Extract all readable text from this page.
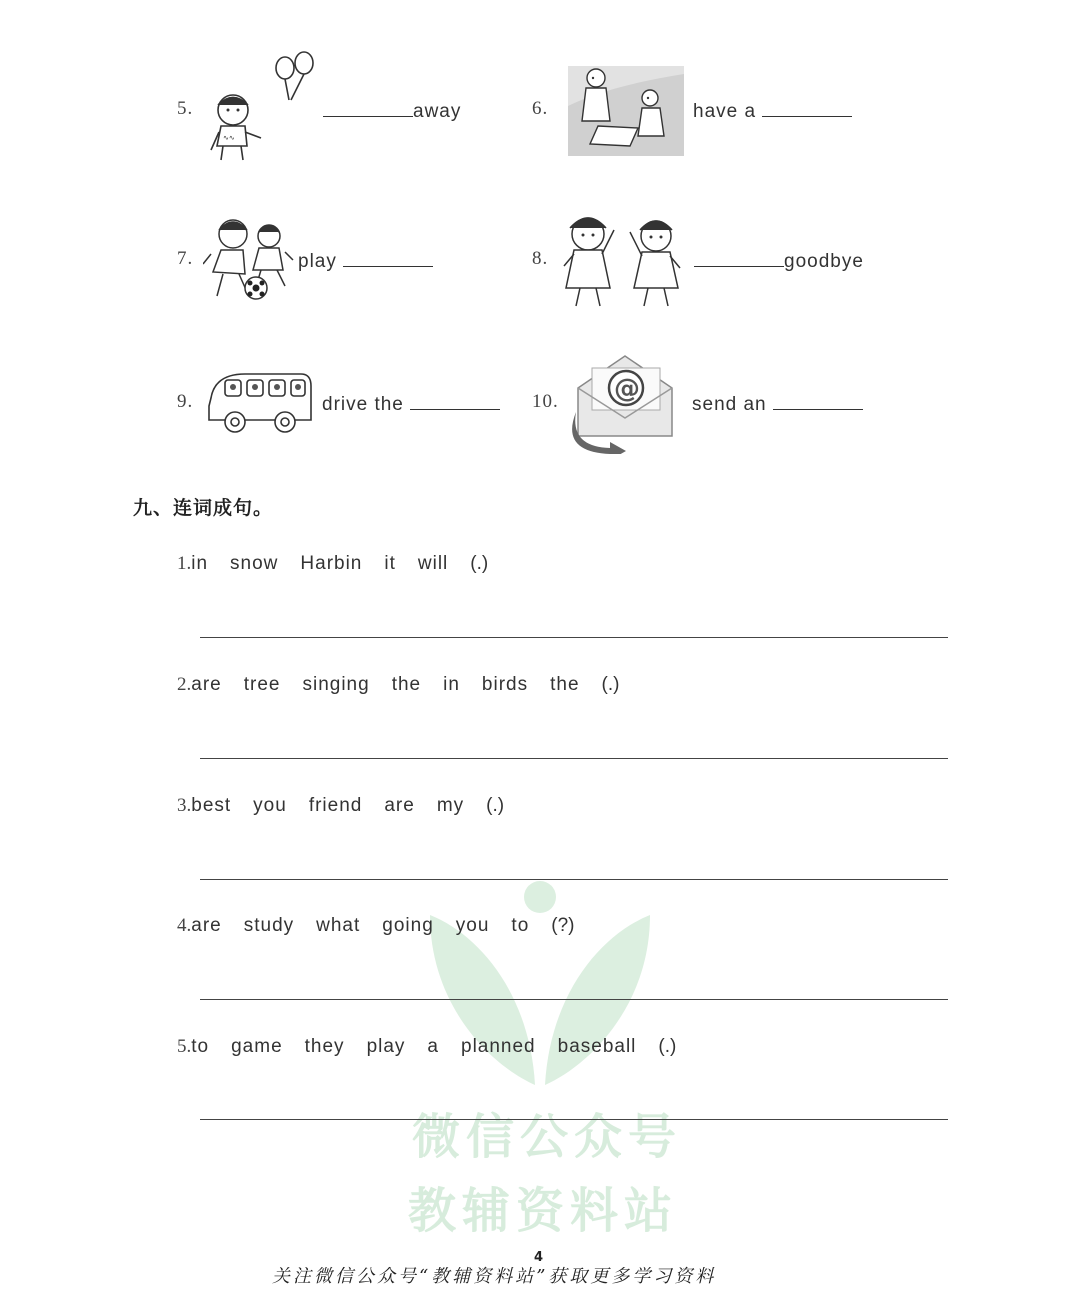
微信公众号
教辅资料站
5.
∿∿
away	6.	have a
7.	play	8.	goodbye
9.	drive the	10. @
send an
九、连词成句。
1.in snow Harbin it will (.)
2.are tree singing the in birds the (.)
3.best you friend are my (.)
4.are study what going you to (?)
5.to game they play a planned baseball (.)
关注微信公众号“教辅资料站”获取更多学习资料
4
